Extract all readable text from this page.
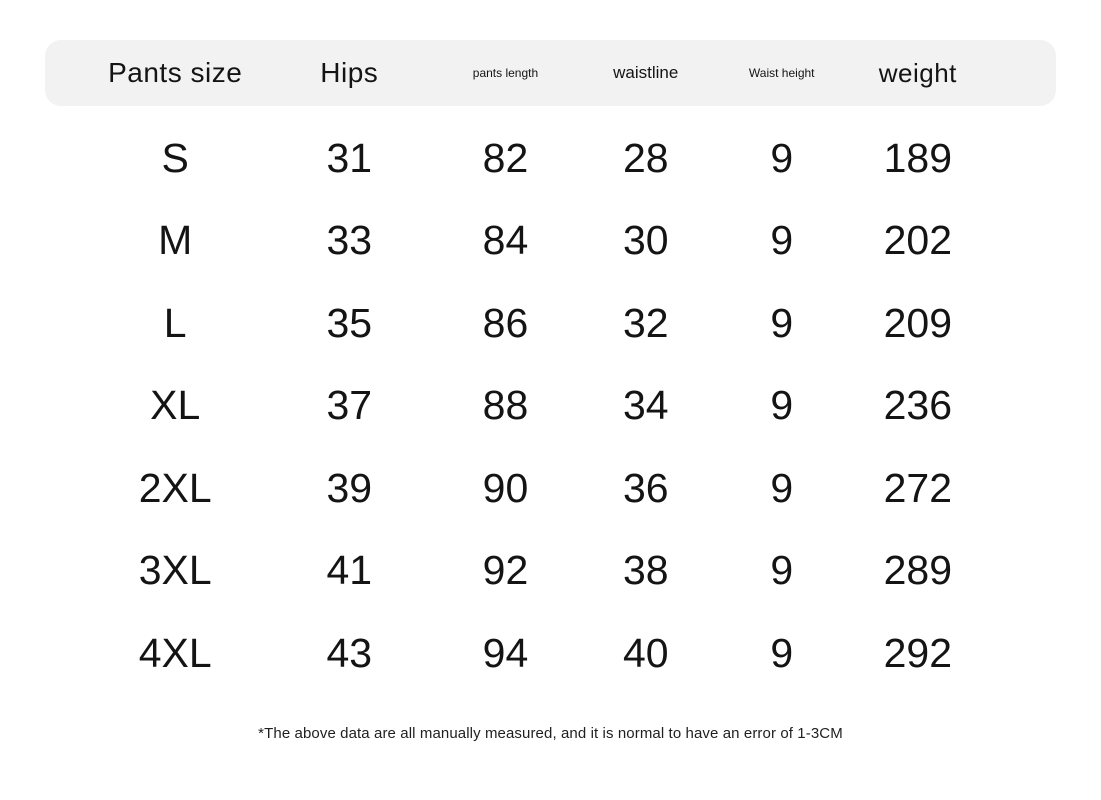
Pants size	Hips	pants length	waistline	Waist height	weight
S	31	82	28	9	189
M	33	84	30	9	202
L	35	86	32	9	209
XL	37	88	34	9	236
2XL	39	90	36	9	272
3XL	41	92	38	9	289
4XL	43	94	40	9	292
*The above data are all manually measured, and it is normal to have an error of 1-3CM
